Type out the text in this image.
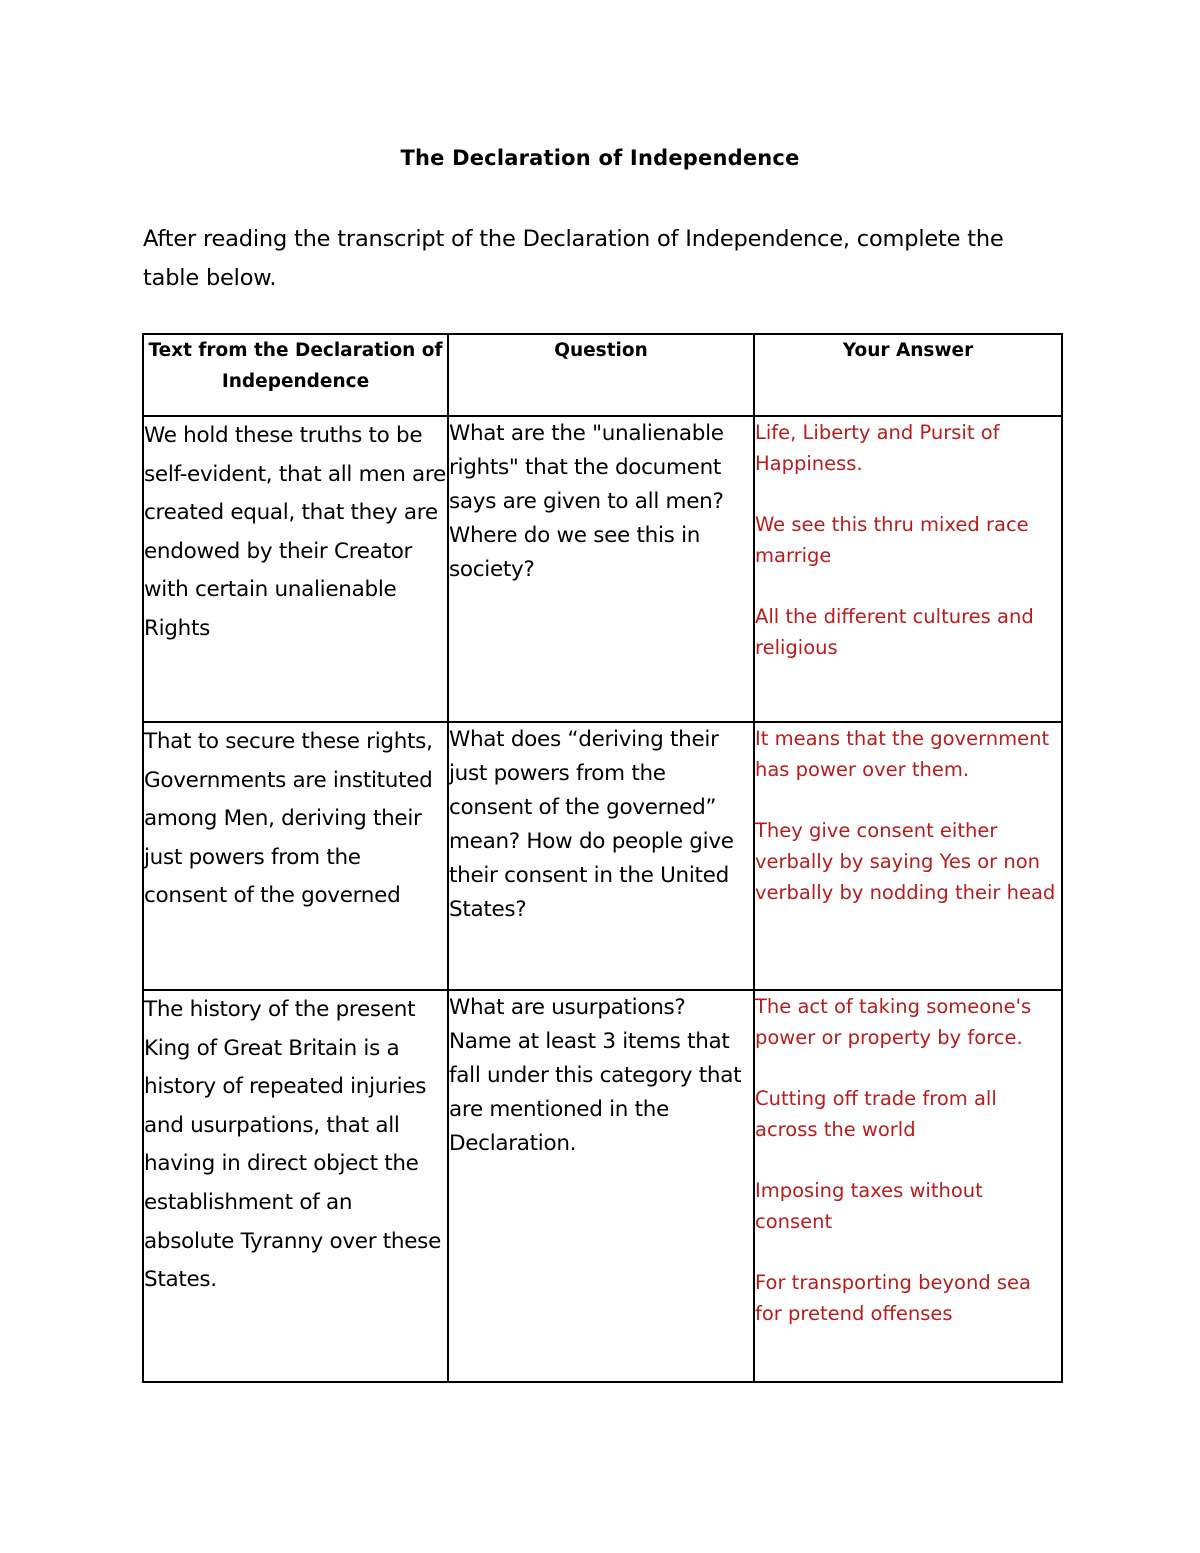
The Declaration of Independence
After reading the transcript of the Declaration of Independence, complete the table below.
Text from the Declaration of Independence	Question	Your Answer
We hold these truths to be self-evident, that all men are created equal, that they are endowed by their Creator with certain unalienable Rights	What are the "unalienable rights" that the document says are given to all men? Where do we see this in society?	Life, Liberty and Pursit of Happiness.
We see this thru mixed race marrige
All the different cultures and religious

That to secure these rights, Governments are instituted among Men, deriving their just powers from the consent of the governed	What does “deriving their just powers from the consent of the governed” mean? How do people give their consent in the United States?	It means that the government has power over them.
They give consent either verbally by saying Yes or non verbally by nodding their head

The history of the present King of Great Britain is a history of repeated injuries and usurpations, that all having in direct object the establishment of an absolute Tyranny over these States.	What are usurpations? Name at least 3 items that fall under this category that are mentioned in the Declaration.	The act of taking someone's power or property by force.
Cutting off trade from all across the world
Imposing taxes without consent
For transporting beyond sea for pretend offenses
